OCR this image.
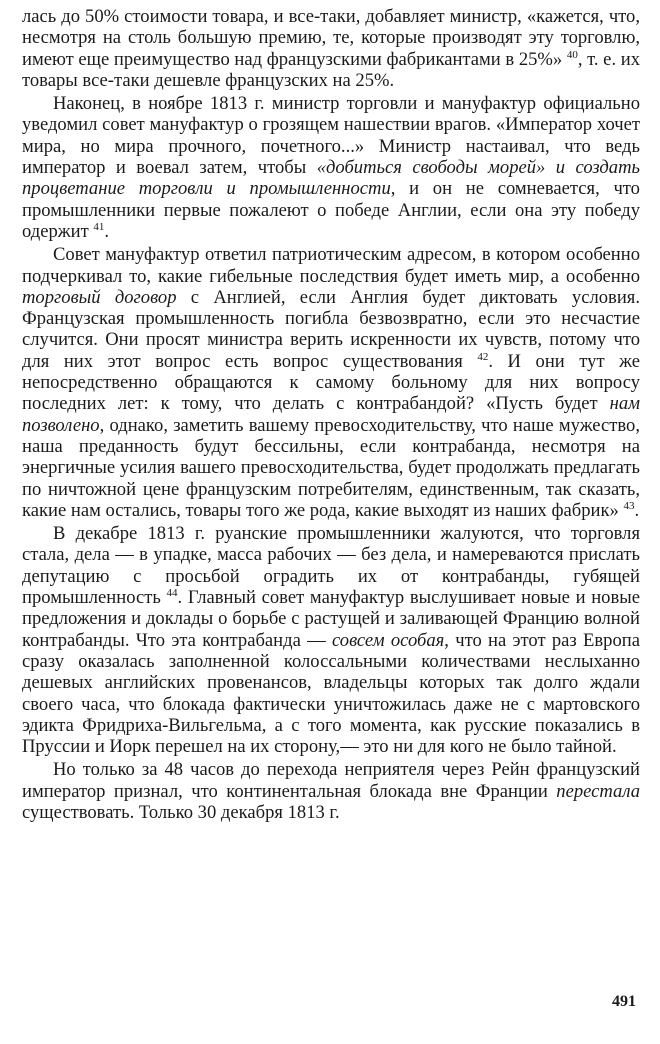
лась до 50% стоимости товара, и все-таки, добавляет министр, «кажется, что, несмотря на столь большую премию, те, которые производят эту торговлю, имеют еще преимущество над французскими фабрикантами в 25%» $^{40}$, т. е. их товары все-таки дешевле французских на 25%.

Наконец, в ноябре 1813 г. министр торговли и мануфактур официально уведомил совет мануфактур о грозящем нашествии врагов. «Император хочет мира, но мира прочного, почетного...» Министр настаивал, что ведь император и воевал затем, чтобы «добиться свободы морей» и создать процветание торговли и промышленности, и он не сомневается, что промышленники первые пожалеют о победе Англии, если она эту победу одержит $^{41}$.

Совет мануфактур ответил патриотическим адресом, в котором особенно подчеркивал то, какие гибельные последствия будет иметь мир, а особенно торговый договор с Англией, если Англия будет диктовать условия. Французская промышленность погибла безвозвратно, если это несчастие случится. Они просят министра верить искренности их чувств, потому что для них этот вопрос есть вопрос существования $^{42}$. И они тут же непосредственно обращаются к самому больному для них вопросу последних лет: к тому, что делать с контрабандой? «Пусть будет нам позволено, однако, заметить вашему превосходительству, что наше мужество, наша преданность будут бессильны, если контрабанда, несмотря на энергичные усилия вашего превосходительства, будет продолжать предлагать по ничтожной цене французским потребителям, единственным, так сказать, какие нам остались, товары того же рода, какие выходят из наших фабрик» $^{43}$.

В декабре 1813 г. руанские промышленники жалуются, что торговля стала, дела — в упадке, масса рабочих — без дела, и намереваются прислать депутацию с просьбой оградить их от контрабанды, губящей промышленность $^{44}$. Главный совет мануфактур выслушивает новые и новые предложения и доклады о борьбе с растущей и заливающей Францию волной контрабанды. Что эта контрабанда — совсем особая, что на этот раз Европа сразу оказалась заполненной колоссальными количествами неслыханно дешевых английских провенансов, владельцы которых так долго ждали своего часа, что блокада фактически уничтожилась даже не с мартовского эдикта Фридриха-Вильгельма, а с того момента, как русские показались в Пруссии и Иорк перешел на их сторону,— это ни для кого не было тайной.

Но только за 48 часов до перехода неприятеля через Рейн французский император признал, что континентальная блокада вне Франции перестала существовать. Только 30 декабря 1813 г.

491
